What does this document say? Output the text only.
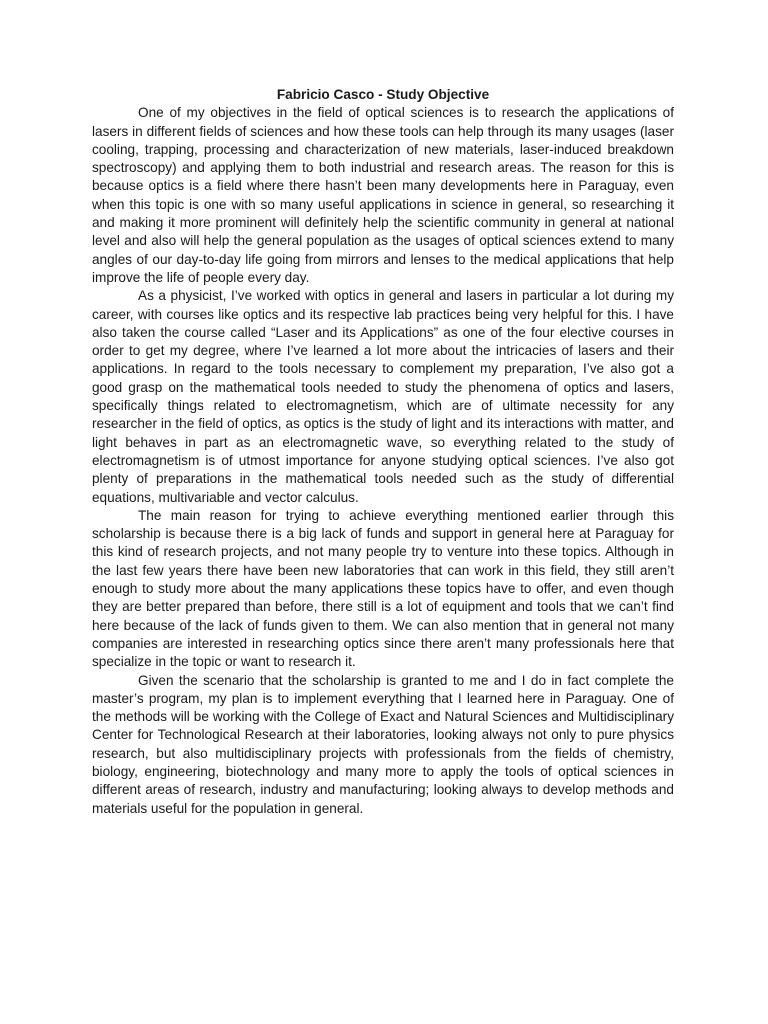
Fabricio Casco - Study Objective

One of my objectives in the field of optical sciences is to research the applications of lasers in different fields of sciences and how these tools can help through its many usages (laser cooling, trapping, processing and characterization of new materials, laser-induced breakdown spectroscopy) and applying them to both industrial and research areas. The reason for this is because optics is a field where there hasn’t been many developments here in Paraguay, even when this topic is one with so many useful applications in science in general, so researching it and making it more prominent will definitely help the scientific community in general at national level and also will help the general population as the usages of optical sciences extend to many angles of our day-to-day life going from mirrors and lenses to the medical applications that help improve the life of people every day.

As a physicist, I’ve worked with optics in general and lasers in particular a lot during my career, with courses like optics and its respective lab practices being very helpful for this. I have also taken the course called “Laser and its Applications” as one of the four elective courses in order to get my degree, where I’ve learned a lot more about the intricacies of lasers and their applications. In regard to the tools necessary to complement my preparation, I’ve also got a good grasp on the mathematical tools needed to study the phenomena of optics and lasers, specifically things related to electromagnetism, which are of ultimate necessity for any researcher in the field of optics, as optics is the study of light and its interactions with matter, and light behaves in part as an electromagnetic wave, so everything related to the study of electromagnetism is of utmost importance for anyone studying optical sciences. I’ve also got plenty of preparations in the mathematical tools needed such as the study of differential equations, multivariable and vector calculus.

The main reason for trying to achieve everything mentioned earlier through this scholarship is because there is a big lack of funds and support in general here at Paraguay for this kind of research projects, and not many people try to venture into these topics. Although in the last few years there have been new laboratories that can work in this field, they still aren’t enough to study more about the many applications these topics have to offer, and even though they are better prepared than before, there still is a lot of equipment and tools that we can’t find here because of the lack of funds given to them. We can also mention that in general not many companies are interested in researching optics since there aren’t many professionals here that specialize in the topic or want to research it.

Given the scenario that the scholarship is granted to me and I do in fact complete the master’s program, my plan is to implement everything that I learned here in Paraguay. One of the methods will be working with the College of Exact and Natural Sciences and Multidisciplinary Center for Technological Research at their laboratories, looking always not only to pure physics research, but also multidisciplinary projects with professionals from the fields of chemistry, biology, engineering, biotechnology and many more to apply the tools of optical sciences in different areas of research, industry and manufacturing; looking always to develop methods and materials useful for the population in general.
